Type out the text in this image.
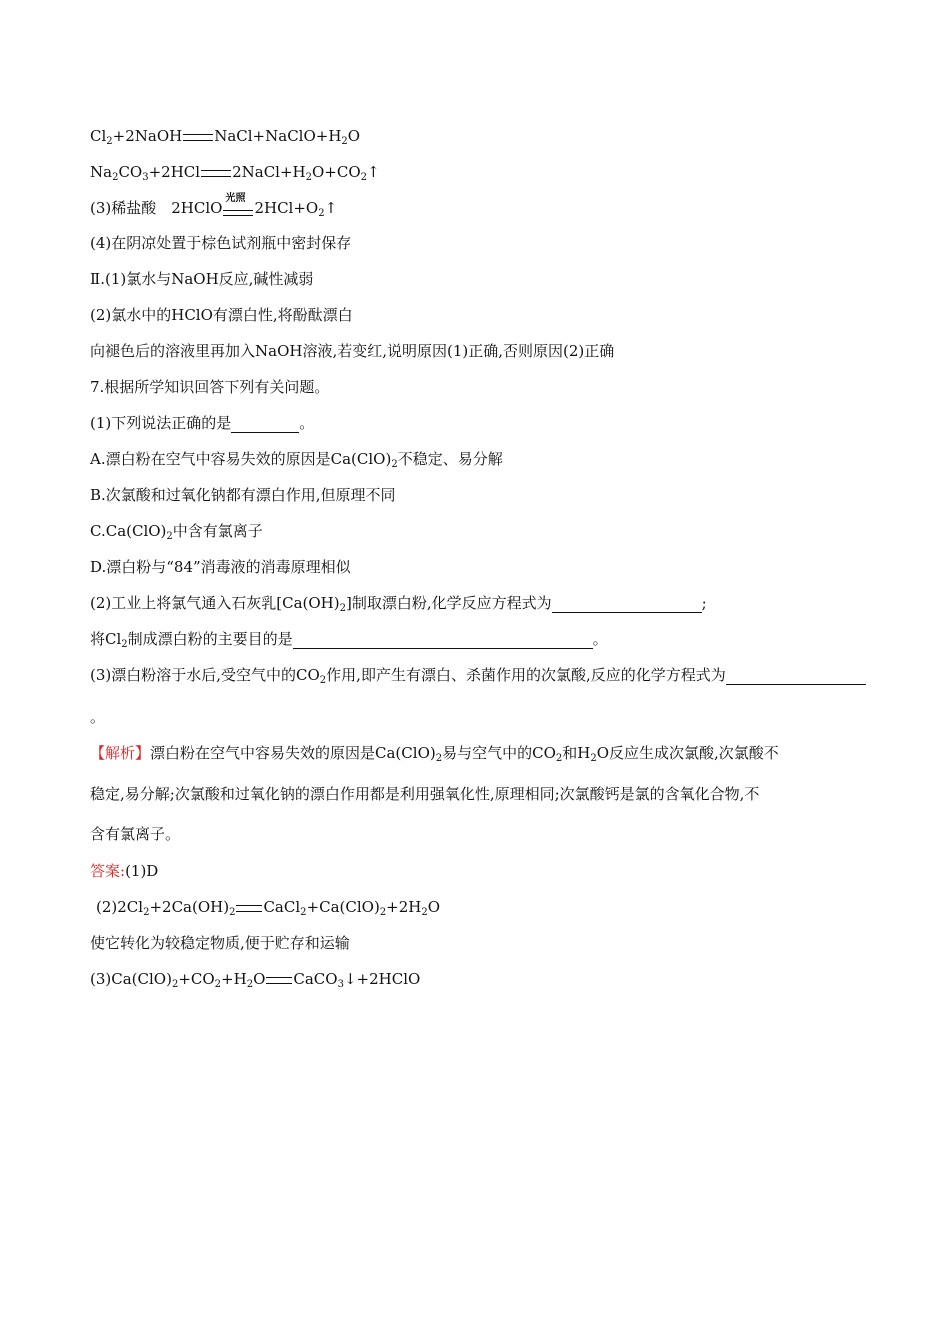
$Cl_2+2NaOH$ $NaCl+NaClO+H_2O$
$Na_2CO_3+2HCl$ $2NaCl+H_2O+CO_2↑$
(3)稀盐酸　2HClO
光照
$2HCl+O_2↑$
(4)在阴凉处置于棕色试剂瓶中密封保存
Ⅱ.(1)氯水与NaOH反应,碱性减弱
(2)氯水中的HClO有漂白性,将酚酞漂白
向褪色后的溶液里再加入NaOH溶液,若变红,说明原因(1)正确,否则原因(2)正确
7.根据所学知识回答下列有关问题。
(1)下列说法正确的是	。
A.漂白粉在空气中容易失效的原因是$Ca(ClO)_2$不稳定、易分解
B.次氯酸和过氧化钠都有漂白作用,但原理不同
$C.Ca(ClO)_2$中含有氯离子
D.漂白粉与“84”消毒液的消毒原理相似
(2)工业上将氯气通入石灰乳$[Ca(OH)_2]$制取漂白粉,化学反应方程式为	;
将$Cl_2$制成漂白粉的主要目的是	。
(3)漂白粉溶于水后,受空气中的$CO_2$作用,即产生有漂白、杀菌作用的次氯酸,反应的化学方程式为
。
【解析】漂白粉在空气中容易失效的原因是$Ca(ClO)_2$易与空气中的$CO_2$和$H_2O$反应生成次氯酸,次氯酸不
稳定,易分解;次氯酸和过氧化钠的漂白作用都是利用强氧化性,原理相同;次氯酸钙是氯的含氧化合物,不
含有氯离子。
答案:(1)D
$(2)2Cl_2+2Ca(OH)_2$ $CaCl_2+Ca(ClO)_2+2H_2O$
使它转化为较稳定物质,便于贮存和运输
$(3)Ca(ClO)_2+CO_2+H_2O$ CaCO$_3$↓+2HClO
